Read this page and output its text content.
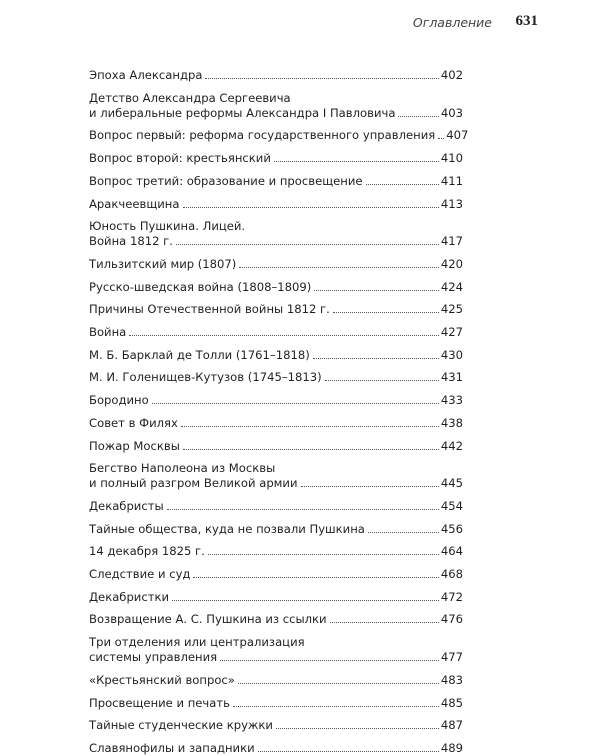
Оглавление 631
Эпоха Александра	402
Детство Александра Сергеевича
и либеральные реформы Александра I Павловича	403
Вопрос первый: реформа государственного управления 407
Вопрос второй: крестьянский	410
Вопрос третий: образование и просвещение	411
Аракчеевщина	413
Юность Пушкина. Лицей.
Война 1812 г.	417
Тильзитский мир (1807)	420
Русско-шведская война (1808–1809)	424
Причины Отечественной войны 1812 г.	425
Война	427
М. Б. Барклай де Толли (1761–1818)	430
М. И. Голенищев-Кутузов (1745–1813)	431
Бородино	433
Совет в Филях	438
Пожар Москвы	442
Бегство Наполеона из Москвы
и полный разгром Великой армии	445
Декабристы	454
Тайные общества, куда не позвали Пушкина	456
14 декабря 1825 г.	464
Следствие и суд	468
Декабристки	472
Возвращение А. С. Пушкина из ссылки	476
Три отделения или централизация
системы управления	477
«Крестьянский вопрос»	483
Просвещение и печать	485
Тайные студенческие кружки	487
Славянофилы и западники	489
